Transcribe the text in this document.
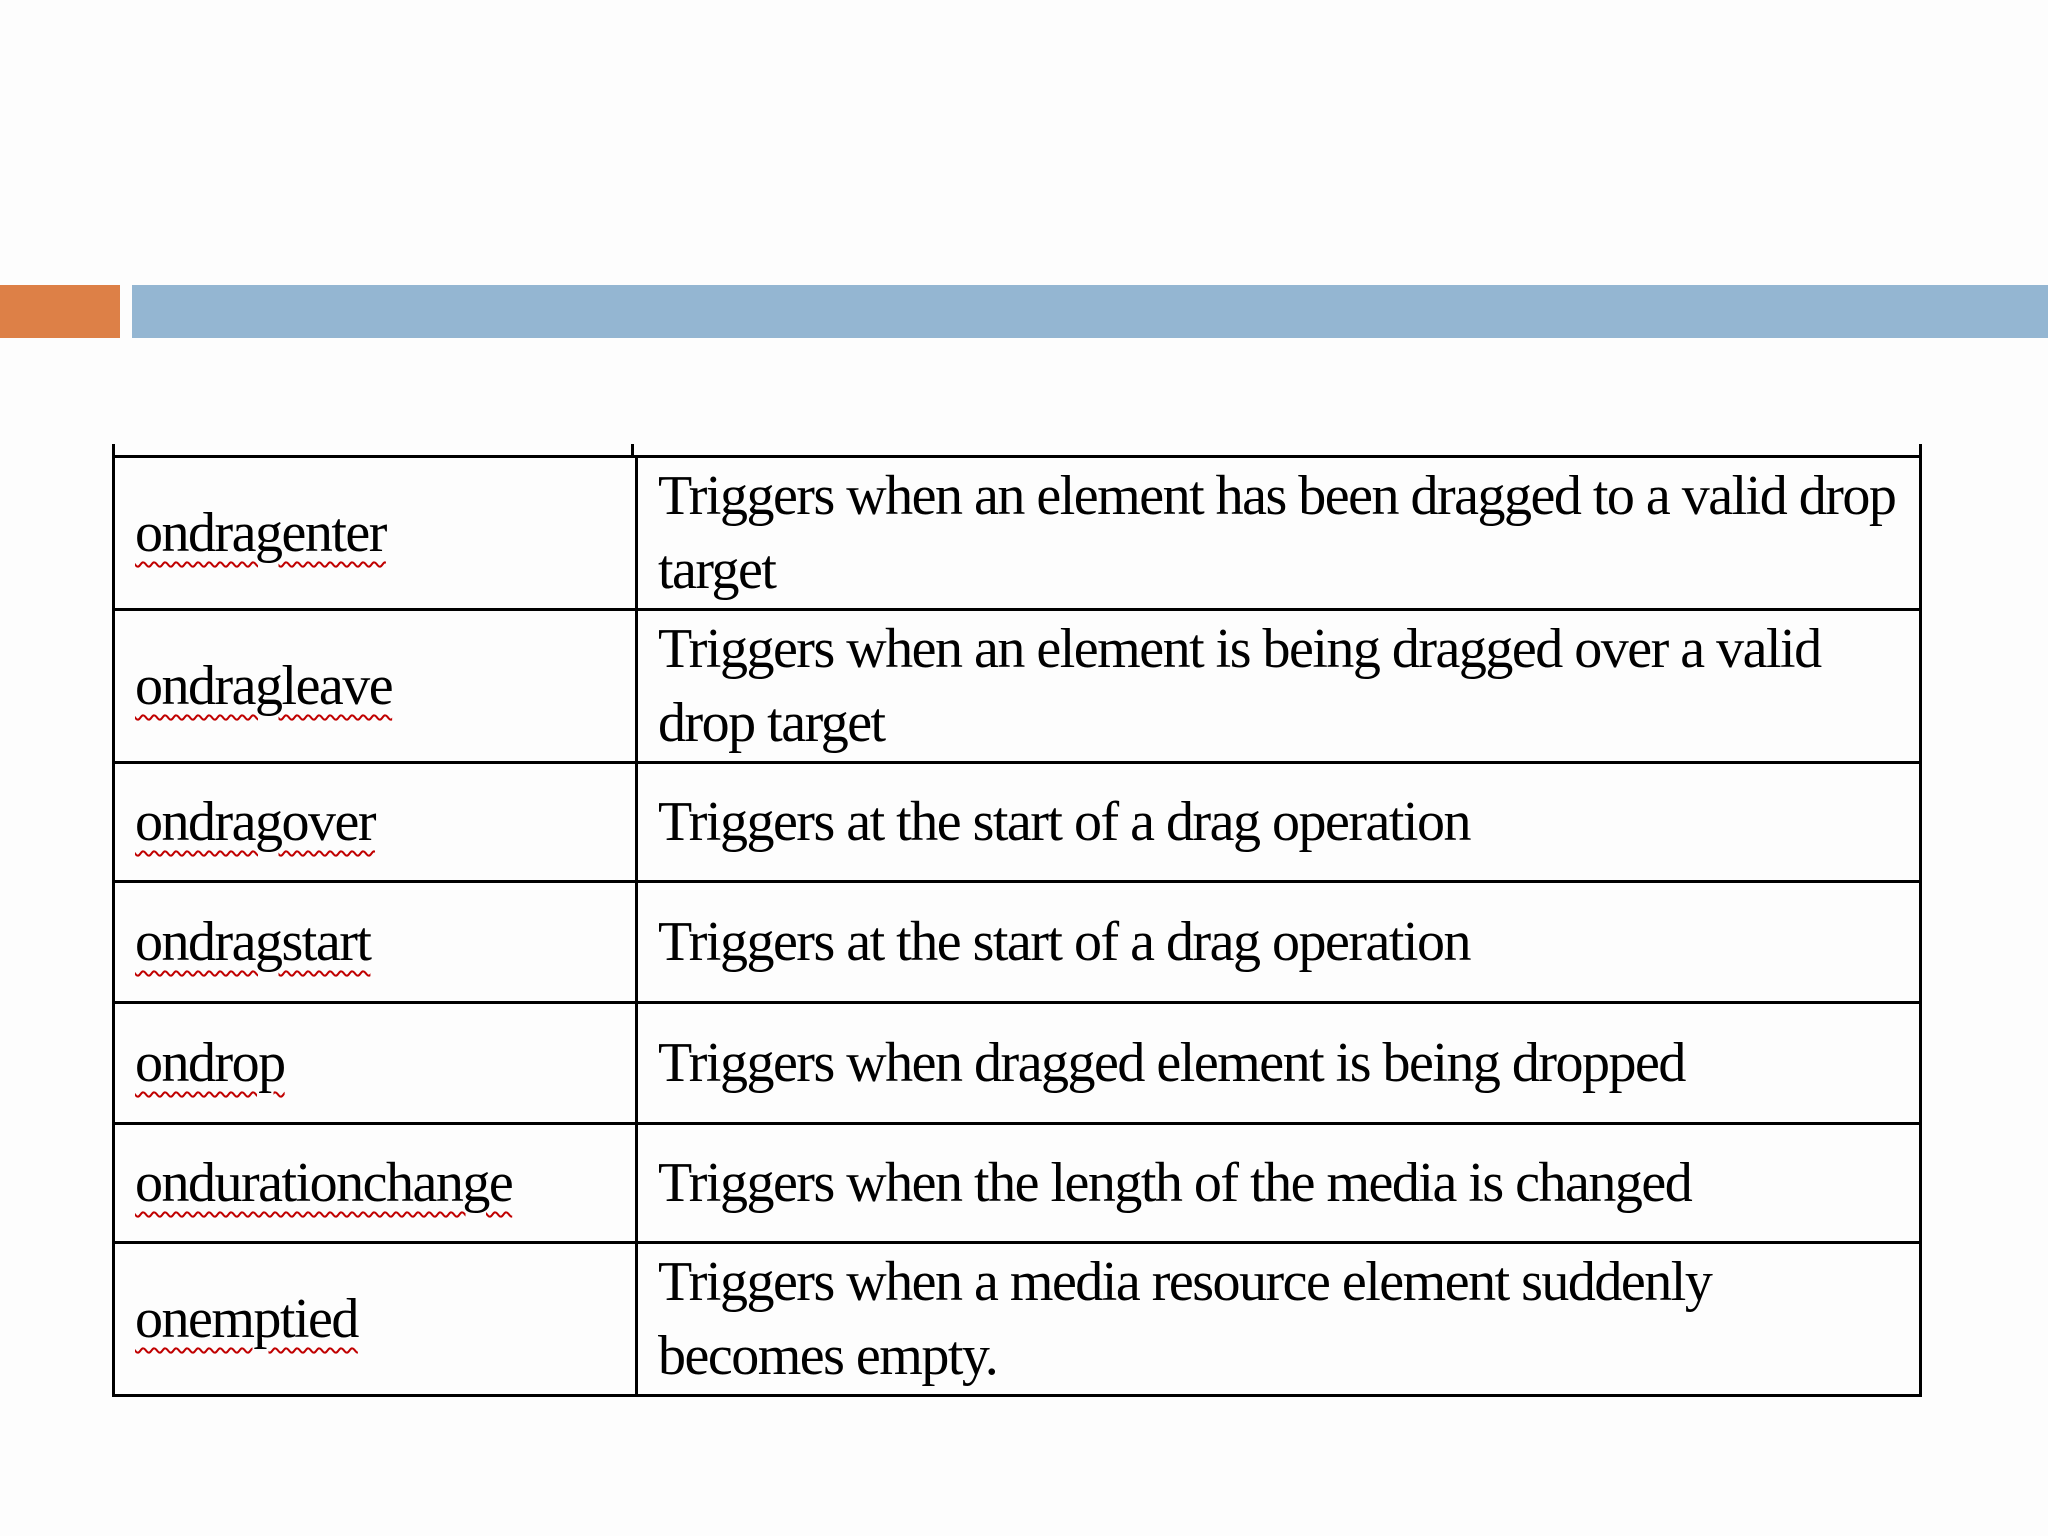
ondragenter	Triggers when an element has been dragged to a valid drop target
ondragleave	Triggers when an element is being dragged over a valid drop target
ondragover	Triggers at the start of a drag operation
ondragstart	Triggers at the start of a drag operation
ondrop	Triggers when dragged element is being dropped
ondurationchange	Triggers when the length of the media is changed
onemptied	Triggers when a media resource element suddenly becomes empty.
